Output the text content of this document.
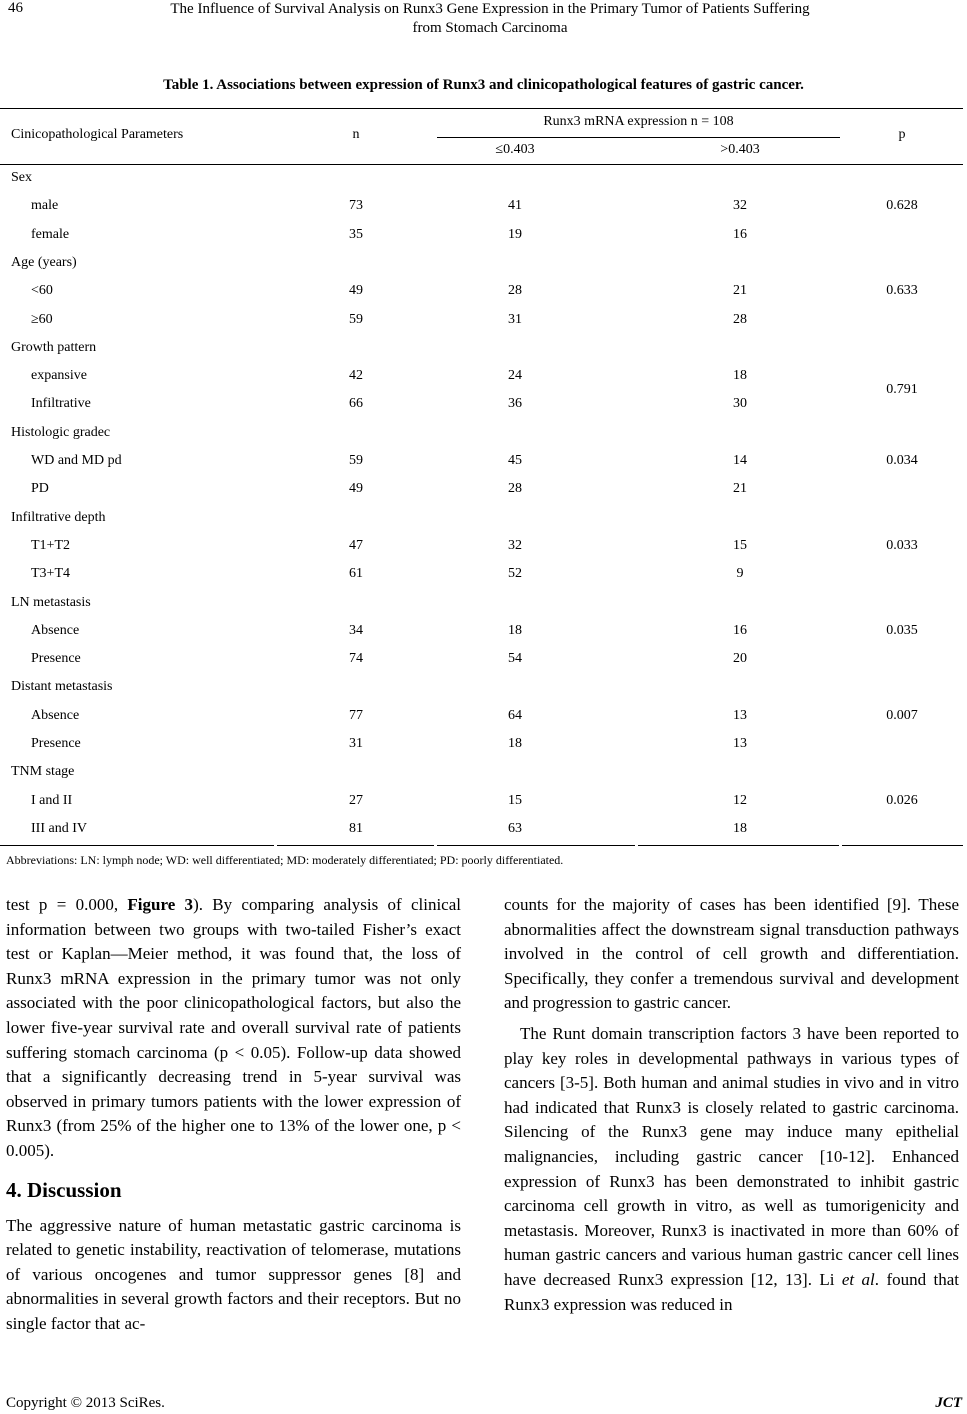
46	The Influence of Survival Analysis on Runx3 Gene Expression in the Primary Tumor of Patients Suffering
from Stomach Carcinoma
Table 1. Associations between expression of Runx3 and clinicopathological features of gastric cancer.
Cinicopathological Parameters	n
Runx3 mRNA expression n = 108
≤0.403	>0.403
p
Sex
male	73	41	32
female	35	19	16
0.628
Age (years)
<60	49	28	21
≥60	59	31	28
0.633
Growth pattern
expansive	42	24	18
Infiltrative	66	36	30
0.791
Histologic gradec
WD and MD pd	59	45	14
PD	49	28	21
0.034
Infiltrative depth
T1+T2	47	32	15
T3+T4	61	52	9
0.033
LN metastasis
Absence	34	18	16
Presence	74	54	20
0.035
Distant metastasis
Absence	77	64	13
Presence	31	18	13
0.007
TNM stage
I and II	27	15	12
III and IV	81	63	18
0.026
Abbreviations: LN: lymph node; WD: well differentiated; MD: moderately differentiated; PD: poorly differentiated.

test p = 0.000, Figure 3). By comparing analysis of clinical information between two groups with two-tailed Fisher’s exact test or Kaplan—Meier method, it was found that, the loss of Runx3 mRNA expression in the primary tumor was not only associated with the poor clinicopathological factors, but also the lower five-year survival rate and overall survival rate of patients suffering stomach carcinoma (p < 0.05). Follow-up data showed that a significantly decreasing trend in 5-year survival was observed in primary tumors patients with the lower expression of Runx3 (from 25% of the higher one to 13% of the lower one, p < 0.005).

4. Discussion

The aggressive nature of human metastatic gastric carcinoma is related to genetic instability, reactivation of telomerase, mutations of various oncogenes and tumor suppressor genes [8] and abnormalities in several growth factors and their receptors. But no single factor that ac-

counts for the majority of cases has been identified [9]. These abnormalities affect the downstream signal transduction pathways involved in the control of cell growth and differentiation. Specifically, they confer a tremendous survival and development and progression to gastric cancer.

The Runt domain transcription factors 3 have been reported to play key roles in developmental pathways in various types of cancers [3-5]. Both human and animal studies in vivo and in vitro had indicated that Runx3 is closely related to gastric carcinoma. Silencing of the Runx3 gene may induce many epithelial malignancies, including gastric cancer [10-12]. Enhanced expression of Runx3 has been demonstrated to inhibit gastric carcinoma cell growth in vitro, as well as tumorigenicity and metastasis. Moreover, Runx3 is inactivated in more than 60% of human gastric cancers and various human gastric cancer cell lines have decreased Runx3 expression [12, 13]. Li et al. found that Runx3 expression was reduced in

Copyright © 2013 SciRes.	JCT
